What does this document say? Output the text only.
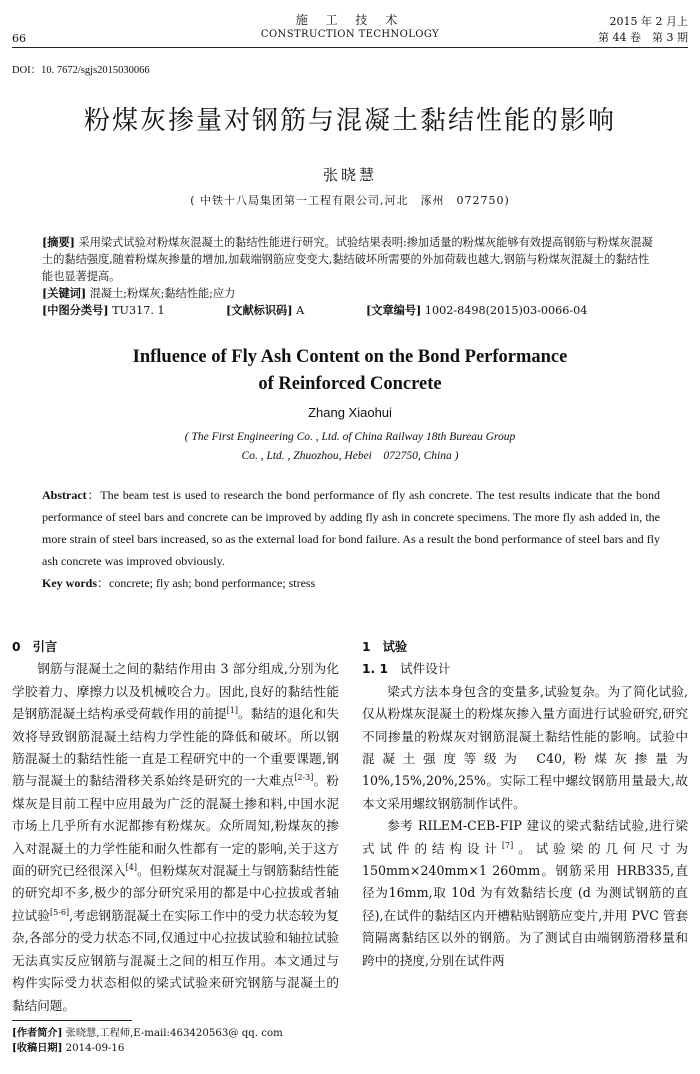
66
施 工 技 术
CONSTRUCTION TECHNOLOGY
2015 年 2 月上
第 44 卷　第 3 期
DOI：10. 7672/sgjs2015030066
粉煤灰掺量对钢筋与混凝土黏结性能的影响
张晓慧
( 中铁十八局集团第一工程有限公司,河北　涿州　072750)

[摘要] 采用梁式试验对粉煤灰混凝土的黏结性能进行研究。试验结果表明:掺加适量的粉煤灰能够有效提高钢筋与粉煤灰混凝土的黏结强度,随着粉煤灰掺量的增加,加载端钢筋应变变大,黏结破坏所需要的外加荷载也越大,钢筋与粉煤灰混凝土的黏结性能也显著提高。

[关键词] 混凝土;粉煤灰;黏结性能;应力

[中图分类号] TU317. 1	[文献标识码] A	[文章编号] 1002-8498(2015)03-0066-04
Influence of Fly Ash Content on the Bond Performance
of Reinforced Concrete
Zhang Xiaohui
( The First Engineering Co. , Ltd. of China Railway 18th Bureau Group
Co. , Ltd. , Zhuozhou, Hebei　072750, China )

Abstract：The beam test is used to research the bond performance of fly ash concrete. The test results indicate that the bond performance of steel bars and concrete can be improved by adding fly ash in concrete specimens. The more fly ash added in, the more strain of steel bars increased, so as the external load for bond failure. As a result the bond performance of steel bars and fly ash concrete was improved obviously.

Key words：concrete; fly ash; bond performance; stress

0 引言

钢筋与混凝土之间的黏结作用由 3 部分组成,分别为化学胶着力、摩擦力以及机械咬合力。因此,良好的黏结性能是钢筋混凝土结构承受荷载作用的前提[1]。黏结的退化和失效将导致钢筋混凝土结构力学性能的降低和破坏。所以钢筋混凝土的黏结性能一直是工程研究中的一个重要课题,钢筋与混凝土的黏结滑移关系始终是研究的一大难点[2-3]。粉煤灰是目前工程中应用最为广泛的混凝土掺和料,中国水泥市场上几乎所有水泥都掺有粉煤灰。众所周知,粉煤灰的掺入对混凝土的力学性能和耐久性都有一定的影响,关于这方面的研究已经很深入[4]。但粉煤灰对混凝土与钢筋黏结性能的研究却不多,极少的部分研究采用的都是中心拉拔或者轴拉试验[5-6],考虑钢筋混凝土在实际工作中的受力状态较为复杂,各部分的受力状态不同,仅通过中心拉拔试验和轴拉试验无法真实反应钢筋与混凝土之间的相互作用。本文通过与构件实际受力状态相似的梁式试验来研究钢筋与混凝土的黏结问题。

1 试验

1. 1 试件设计

梁式方法本身包含的变量多,试验复杂。为了简化试验,仅从粉煤灰混凝土的粉煤灰掺入量方面进行试验研究,研究不同掺量的粉煤灰对钢筋混凝土黏结性能的影响。试验中混凝土强度等级为 C40,粉煤灰掺量为 10%,15%,20%,25%。实际工程中螺纹钢筋用量最大,故本文采用螺纹钢筋制作试件。

参考 RILEM-CEB-FIP 建议的梁式黏结试验,进行梁式试件的结构设计[7]。试验梁的几何尺寸为150mm×240mm×1 260mm。钢筋采用 HRB335,直径为16mm,取 10d 为有效黏结长度 (d 为测试钢筋的直径),在试件的黏结区内开槽粘贴钢筋应变片,并用 PVC 管套筒隔离黏结区以外的钢筋。为了测试自由端钢筋滑移量和跨中的挠度,分别在试件两

[作者简介] 张晓慧,工程师,E-mail:463420563@ qq. com

[收稿日期] 2014-09-16
